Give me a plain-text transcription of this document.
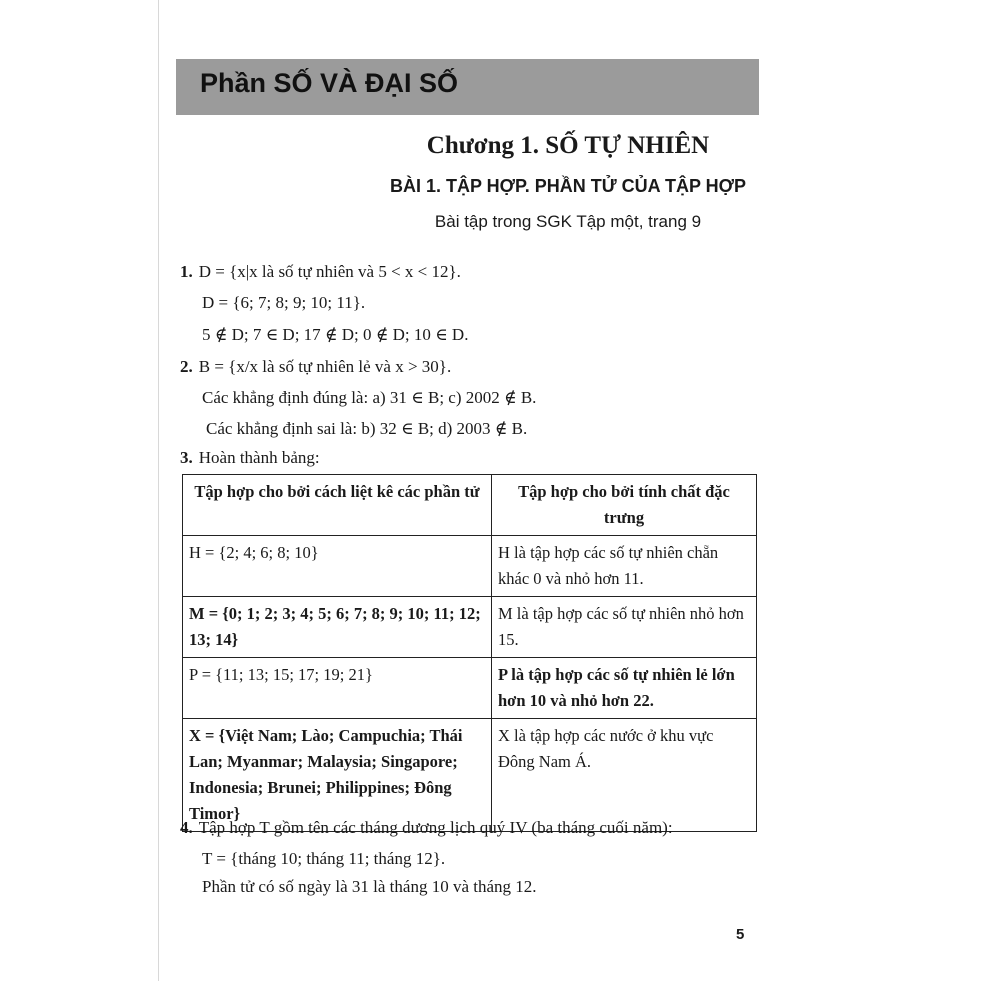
Phần SỐ VÀ ĐẠI SỐ
Chương 1. SỐ TỰ NHIÊN
BÀI 1. TẬP HỢP. PHẦN TỬ CỦA TẬP HỢP
Bài tập trong SGK Tập một, trang 9
1. D = {x|x là số tự nhiên và 5 < x < 12}.
D = {6; 7; 8; 9; 10; 11}.
5 ∉ D; 7 ∈ D; 17 ∉ D; 0 ∉ D; 10 ∈ D.
2. B = {x/x là số tự nhiên lẻ và x > 30}.
Các khẳng định đúng là: a) 31 ∈ B; c) 2002 ∉ B.
Các khẳng định sai là: b) 32 ∈ B; d) 2003 ∉ B.
3. Hoàn thành bảng:
Tập hợp cho bởi cách liệt kê các phần tử	Tập hợp cho bởi tính chất đặc trưng
H = {2; 4; 6; 8; 10}	H là tập hợp các số tự nhiên chẵn khác 0 và nhỏ hơn 11.
M = {0; 1; 2; 3; 4; 5; 6; 7; 8; 9; 10; 11; 12; 13; 14}	M là tập hợp các số tự nhiên nhỏ hơn 15.
P = {11; 13; 15; 17; 19; 21}	P là tập hợp các số tự nhiên lẻ lớn hơn 10 và nhỏ hơn 22.
X = {Việt Nam; Lào; Campuchia; Thái Lan; Myanmar; Malaysia; Singapore; Indonesia; Brunei; Philippines; Đông Timor}	X là tập hợp các nước ở khu vực Đông Nam Á.
4. Tập hợp T gồm tên các tháng dương lịch quý IV (ba tháng cuối năm):
T = {tháng 10; tháng 11; tháng 12}.
Phần tử có số ngày là 31 là tháng 10 và tháng 12.
5
